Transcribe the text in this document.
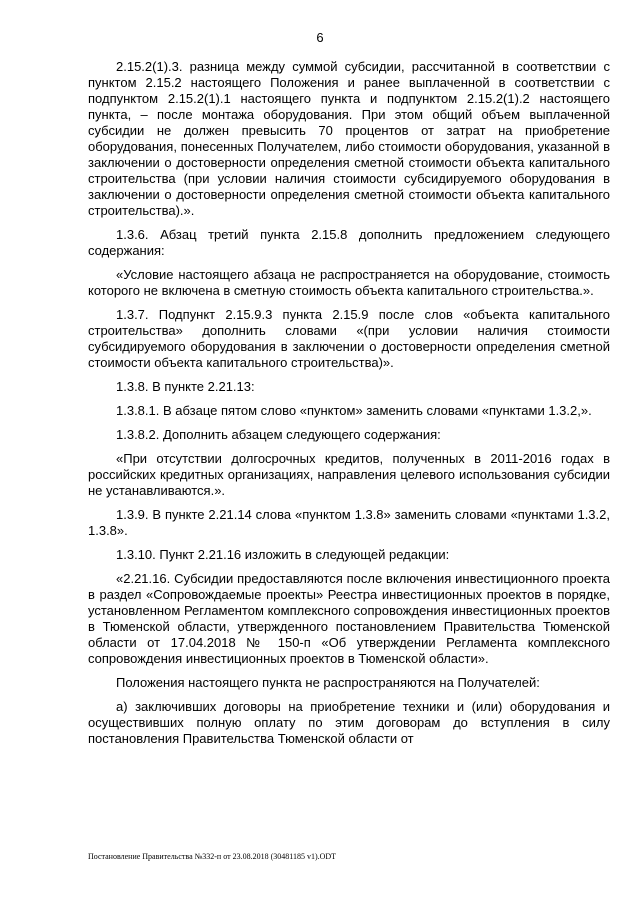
6

2.15.2(1).3. разница между суммой субсидии, рассчитанной в соответствии с пунктом 2.15.2 настоящего Положения и ранее выплаченной в соответствии с подпунктом 2.15.2(1).1 настоящего пункта и подпунктом 2.15.2(1).2 настоящего пункта, – после монтажа оборудования. При этом общий объем выплаченной субсидии не должен превысить 70 процентов от затрат на приобретение оборудования, понесенных Получателем, либо стоимости оборудования, указанной в заключении о достоверности определения сметной стоимости объекта капитального строительства (при условии наличия стоимости субсидируемого оборудования в заключении о достоверности определения сметной стоимости объекта капитального строительства).».

1.3.6. Абзац третий пункта 2.15.8 дополнить предложением следующего содержания:

«Условие настоящего абзаца не распространяется на оборудование, стоимость которого не включена в сметную стоимость объекта капитального строительства.».

1.3.7. Подпункт 2.15.9.3 пункта 2.15.9 после слов «объекта капитального строительства» дополнить словами «(при условии наличия стоимости субсидируемого оборудования в заключении о достоверности определения сметной стоимости объекта капитального строительства)».

1.3.8. В пункте 2.21.13:

1.3.8.1. В абзаце пятом слово «пунктом» заменить словами «пунктами 1.3.2,».

1.3.8.2. Дополнить абзацем следующего содержания:

«При отсутствии долгосрочных кредитов, полученных в 2011-2016 годах в российских кредитных организациях, направления целевого использования субсидии не устанавливаются.».

1.3.9. В пункте 2.21.14 слова «пунктом 1.3.8» заменить словами «пунктами 1.3.2, 1.3.8».

1.3.10. Пункт 2.21.16 изложить в следующей редакции:

«2.21.16. Субсидии предоставляются после включения инвестиционного проекта в раздел «Сопровождаемые проекты» Реестра инвестиционных проектов в порядке, установленном Регламентом комплексного сопровождения инвестиционных проектов в Тюменской области, утвержденного постановлением Правительства Тюменской области от 17.04.2018 № 150-п «Об утверждении Регламента комплексного сопровождения инвестиционных проектов в Тюменской области».

Положения настоящего пункта не распространяются на Получателей:

а) заключивших договоры на приобретение техники и (или) оборудования и осуществивших полную оплату по этим договорам до вступления в силу постановления Правительства Тюменской области от

Постановление Правительства №332-п от 23.08.2018 (30481185 v1).ODT
